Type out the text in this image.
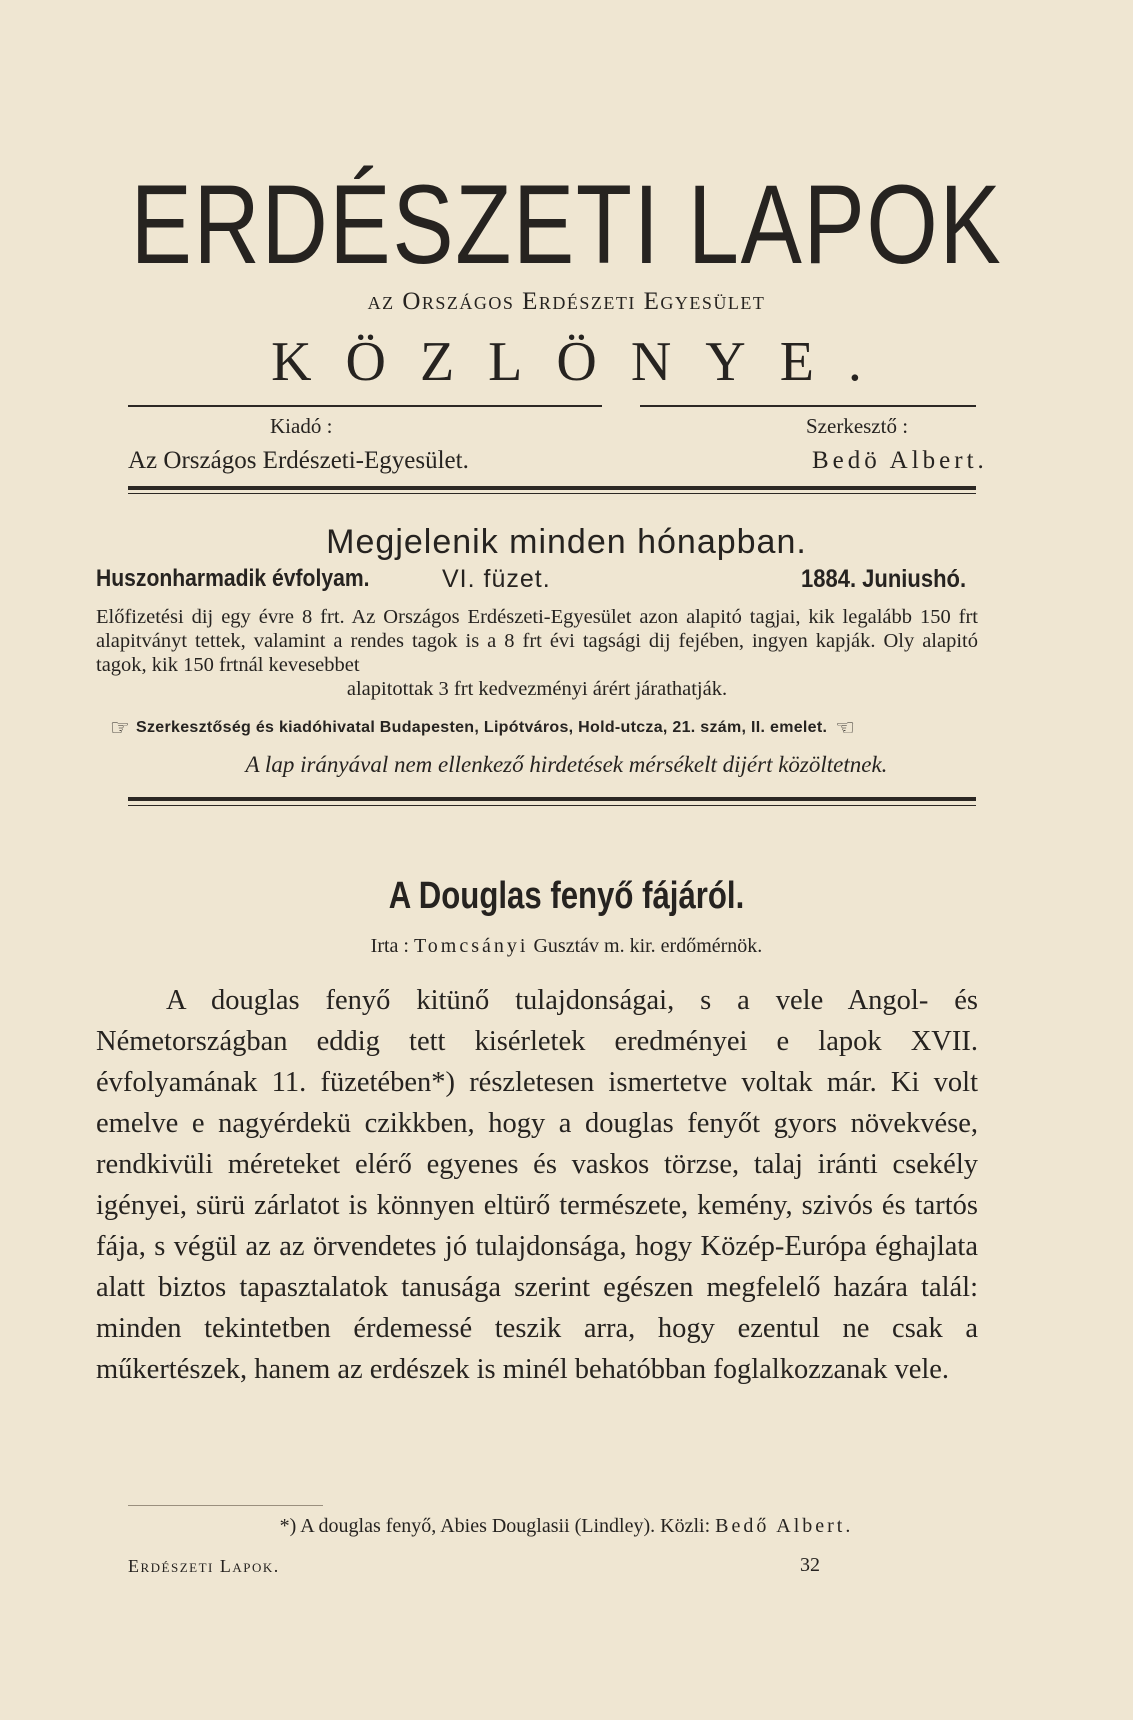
ERDÉSZETI LAPOK
az Országos Erdészeti Egyesület
KÖZLÖNYE.
Kiadó :
Az Országos Erdészeti-Egyesület.
Szerkesztő :
Bedö Albert.
Megjelenik minden hónapban.
Huszonharmadik évfolyam.	VI. füzet.	1884. Juniushó.
Előfizetési dij egy évre 8 frt. Az Országos Erdészeti-Egyesület azon alapitó tagjai, kik legalább 150 frt alapitványt tettek, valamint a rendes tagok is a 8 frt évi tagsági dij fejében, ingyen kapják. Oly alapitó tagok, kik 150 frtnál kevesebbet
alapitottak 3 frt kedvezményi árért járathatják.
☞ Szerkesztőség és kiadóhivatal Budapesten, Lipótváros, Hold-utcza, 21. szám, II. emelet. ☜
A lap irányával nem ellenkező hirdetések mérsékelt dijért közöltetnek.
A Douglas fenyő fájáról.
Irta : Tomcsányi Gusztáv m. kir. erdőmérnök.
A douglas fenyő kitünő tulajdonságai, s a vele Angol- és Németországban eddig tett kisérletek eredményei e lapok XVII. évfolyamának 11. füzetében*) részletesen ismertetve voltak már. Ki volt emelve e nagyérdekü czikkben, hogy a douglas fenyőt gyors növekvése, rendkivüli méreteket elérő egyenes és vaskos törzse, talaj iránti csekély igényei, sürü zárlatot is könnyen eltürő természete, kemény, szivós és tartós fája, s végül az az örvendetes jó tulajdonsága, hogy Közép-Európa éghajlata alatt biztos tapasztalatok tanusága szerint egészen megfelelő hazára talál: minden tekintetben érdemessé teszik arra, hogy ezentul ne csak a műkertészek, hanem az erdészek is minél behatóbban foglalkozzanak vele.
*) A douglas fenyő, Abies Douglasii (Lindley). Közli: Bedő Albert.
Erdészeti Lapok.	32
